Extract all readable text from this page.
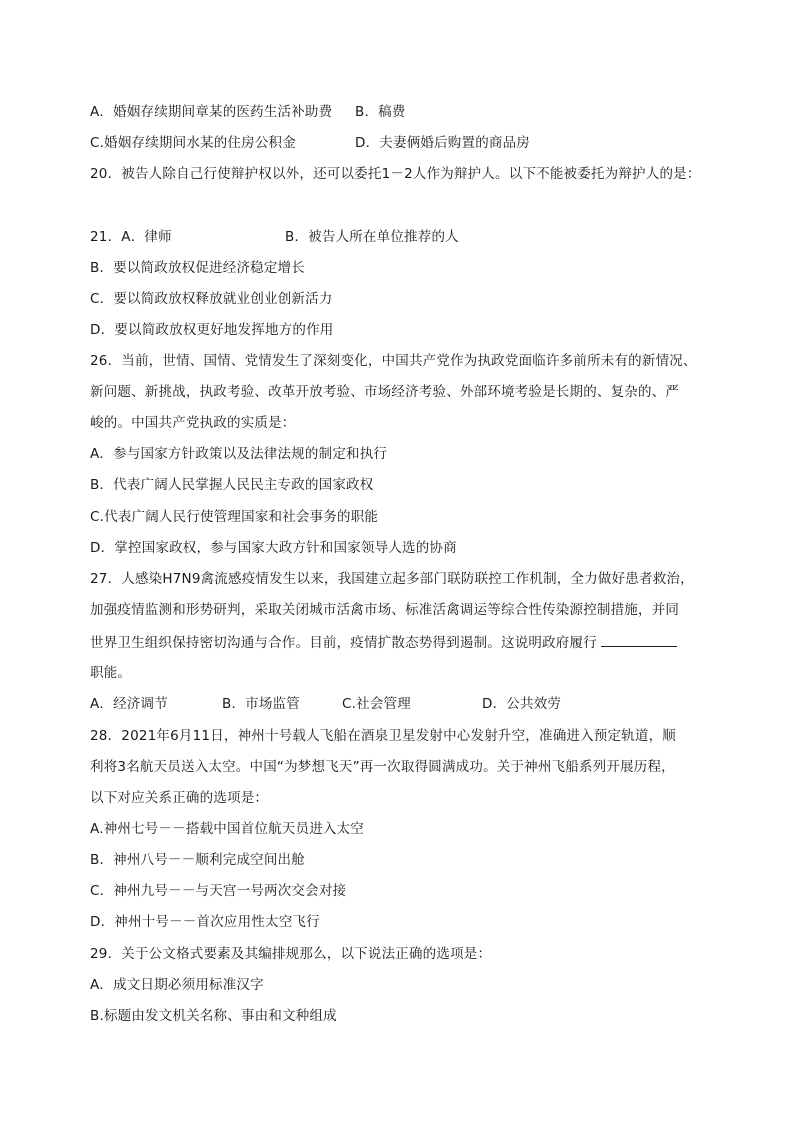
A．婚姻存续期间章某的医药生活补助费 B．稿费
C.婚姻存续期间水某的住房公积金	D．夫妻俩婚后购置的商品房
20．被告人除自己行使辩护权以外，还可以委托1－2人作为辩护人。以下不能被委托为辩护人的是：
21．A．律师	B．被告人所在单位推荐的人
B．要以简政放权促进经济稳定增长
C．要以简政放权释放就业创业创新活力
D．要以简政放权更好地发挥地方的作用
26．当前，世情、国情、党情发生了深刻变化，中国共产党作为执政党面临许多前所未有的新情况、
新问题、新挑战，执政考验、改革开放考验、市场经济考验、外部环境考验是长期的、复杂的、严
峻的。中国共产党执政的实质是：
A．参与国家方针政策以及法律法规的制定和执行
B．代表广阔人民掌握人民民主专政的国家政权
C.代表广阔人民行使管理国家和社会事务的职能
D．掌控国家政权，参与国家大政方针和国家领导人选的协商
27．人感染H7N9禽流感疫情发生以来，我国建立起多部门联防联控工作机制，全力做好患者救治，
加强疫情监测和形势研判，采取关闭城市活禽市场、标准活禽调运等综合性传染源控制措施，并同
世界卫生组织保持密切沟通与合作。目前，疫情扩散态势得到遏制。这说明政府履行
职能。
A．经济调节	B．市场监管	C.社会管理	D．公共效劳
28．2021年6月11日，神州十号载人飞船在酒泉卫星发射中心发射升空，准确进入预定轨道，顺
利将3名航天员送入太空。中国“为梦想飞天”再一次取得圆满成功。关于神州飞船系列开展历程，
以下对应关系正确的选项是：
A.神州七号－－搭载中国首位航天员进入太空
B．神州八号－－顺利完成空间出舱
C．神州九号－－与天宫一号两次交会对接
D．神州十号－－首次应用性太空飞行
29．关于公文格式要素及其编排规那么，以下说法正确的选项是：
A．成文日期必须用标准汉字
B.标题由发文机关名称、事由和文种组成
